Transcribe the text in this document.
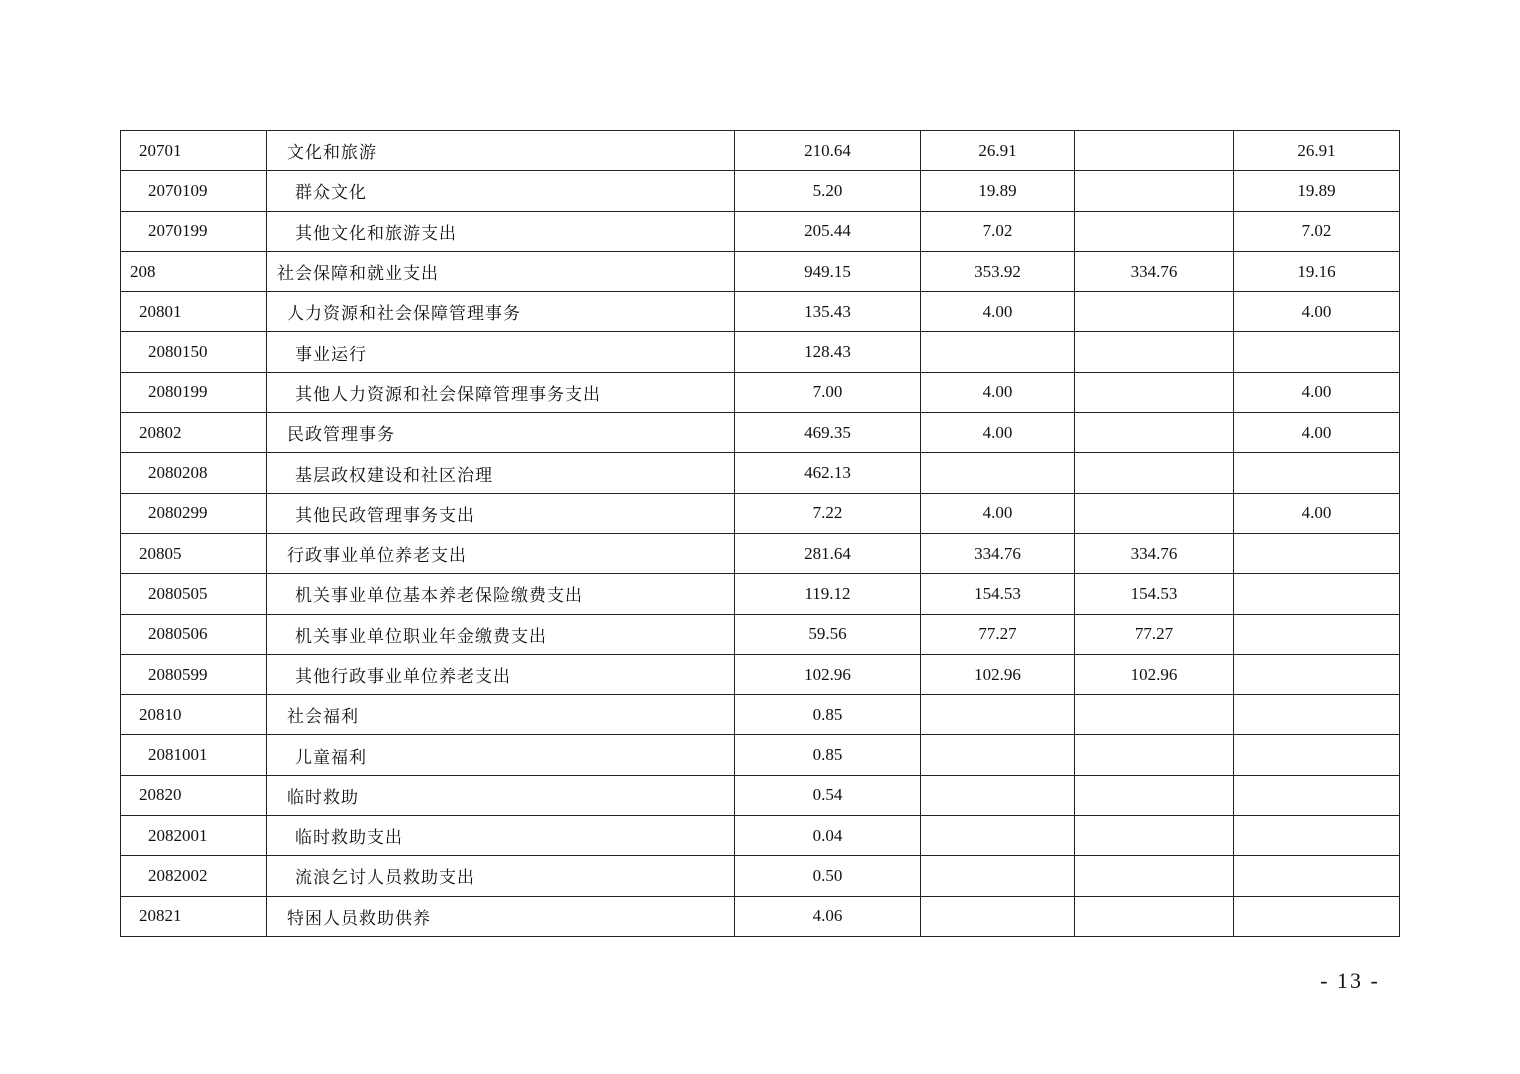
20701	文化和旅游	210.64	26.91		26.91
2070109	群众文化	5.20	19.89		19.89
2070199	其他文化和旅游支出	205.44	7.02		7.02
208	社会保障和就业支出	949.15	353.92	334.76	19.16
20801	人力资源和社会保障管理事务	135.43	4.00		4.00
2080150	事业运行	128.43			
2080199	其他人力资源和社会保障管理事务支出	7.00	4.00		4.00
20802	民政管理事务	469.35	4.00		4.00
2080208	基层政权建设和社区治理	462.13			
2080299	其他民政管理事务支出	7.22	4.00		4.00
20805	行政事业单位养老支出	281.64	334.76	334.76	
2080505	机关事业单位基本养老保险缴费支出	119.12	154.53	154.53	
2080506	机关事业单位职业年金缴费支出	59.56	77.27	77.27	
2080599	其他行政事业单位养老支出	102.96	102.96	102.96	
20810	社会福利	0.85			
2081001	儿童福利	0.85			
20820	临时救助	0.54			
2082001	临时救助支出	0.04			
2082002	流浪乞讨人员救助支出	0.50			
20821	特困人员救助供养	4.06			
- 13 -
